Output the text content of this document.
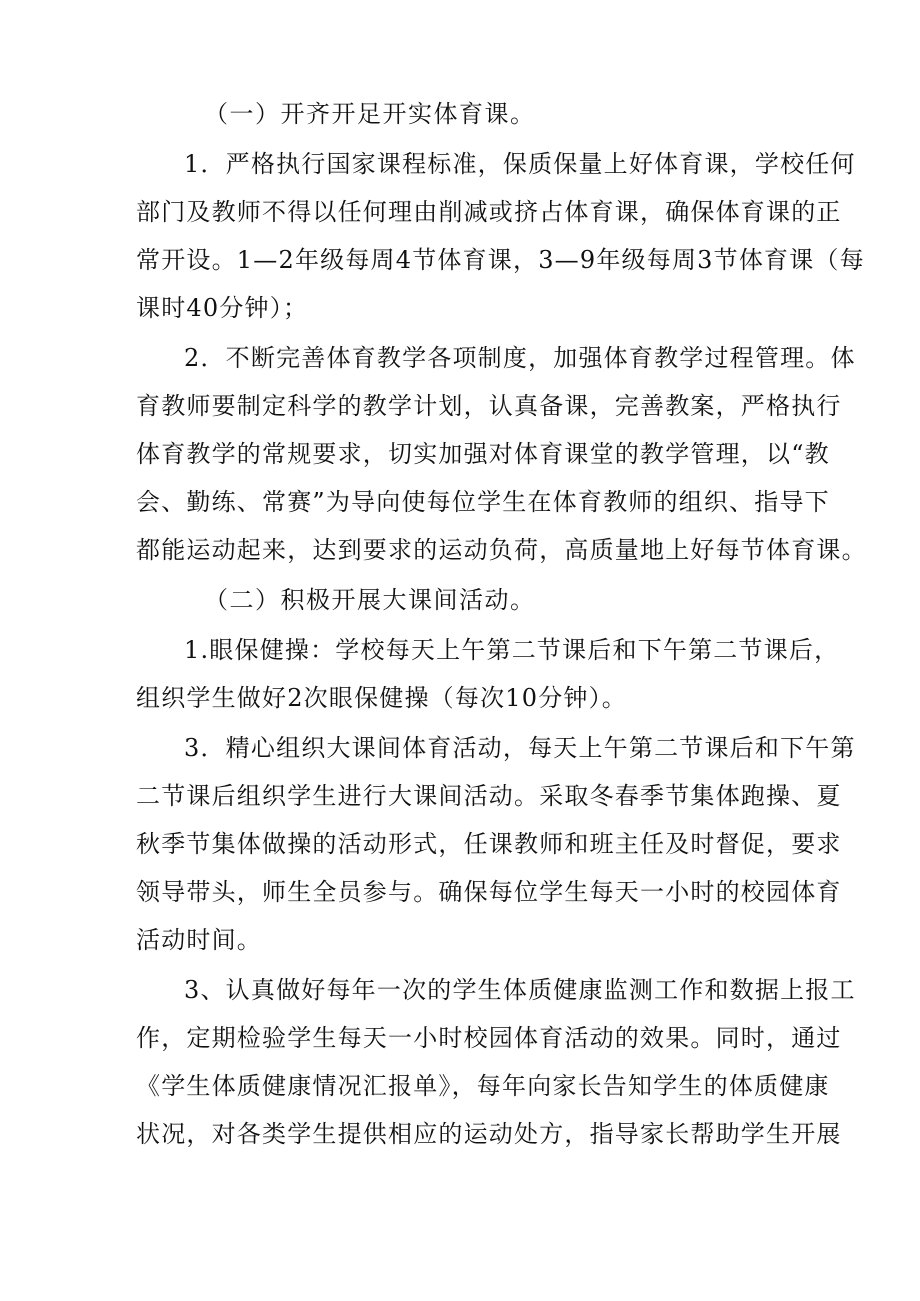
（一）开齐开足开实体育课。
1．严格执行国家课程标准，保质保量上好体育课，学校任何
部门及教师不得以任何理由削减或挤占体育课，确保体育课的正
常开设。1—2年级每周4节体育课，3—9年级每周3节体育课（每
课时40分钟）；
2．不断完善体育教学各项制度，加强体育教学过程管理。体
育教师要制定科学的教学计划，认真备课，完善教案，严格执行
体育教学的常规要求，切实加强对体育课堂的教学管理，以“教
会、勤练、常赛”为导向使每位学生在体育教师的组织、指导下
都能运动起来，达到要求的运动负荷，高质量地上好每节体育课。
（二）积极开展大课间活动。
1.眼保健操：学校每天上午第二节课后和下午第二节课后，
组织学生做好2次眼保健操（每次10分钟）。
3．精心组织大课间体育活动，每天上午第二节课后和下午第
二节课后组织学生进行大课间活动。采取冬春季节集体跑操、夏
秋季节集体做操的活动形式，任课教师和班主任及时督促，要求
领导带头，师生全员参与。确保每位学生每天一小时的校园体育
活动时间。
3、认真做好每年一次的学生体质健康监测工作和数据上报工
作，定期检验学生每天一小时校园体育活动的效果。同时，通过
《学生体质健康情况汇报单》，每年向家长告知学生的体质健康
状况，对各类学生提供相应的运动处方，指导家长帮助学生开展
